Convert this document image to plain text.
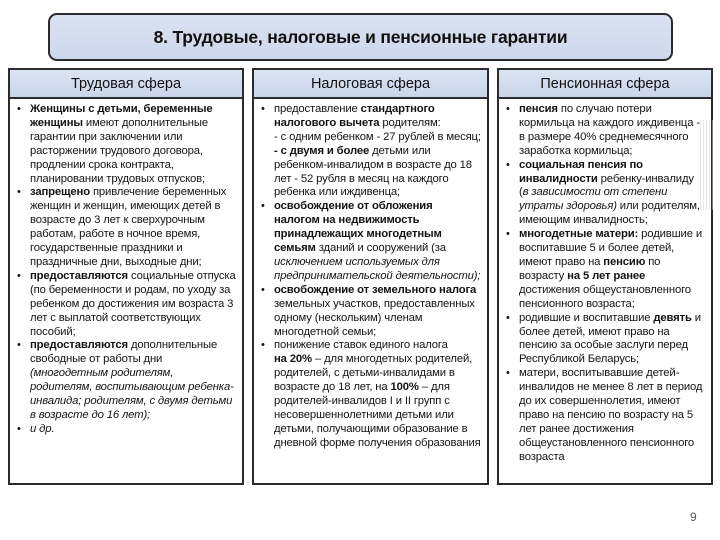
8. Трудовые, налоговые и пенсионные гарантии
Трудовая сфера
• Женщины с детьми, беременные женщины имеют дополнительные гарантии при заключении или расторжении трудового договора, продлении срока контракта, планировании трудовых отпусков;
• запрещено привлечение беременных женщин и женщин, имеющих детей в возрасте до 3 лет к сверхурочным работам, работе в ночное время, государственные праздники и праздничные дни, выходные дни;
• предоставляются социальные отпуска (по беременности и родам, по уходу за ребенком до достижения им возраста 3 лет с выплатой соответствующих пособий;
• предоставляются дополнительные свободные от работы дни (многодетным родителям, родителям, воспитывающим ребенка-инвалида; родителям, с двумя детьми в возрасте до 16 лет);
• и др.
Налоговая сфера
• предоставление стандартного налогового вычета родителям:
- с одним ребенком - 27 рублей в месяц;
- с двумя и более детьми или ребенком-инвалидом в возрасте до 18 лет - 52 рубля в месяц на каждого ребенка или иждивенца;
• освобождение от обложения налогом на недвижимость принадлежащих многодетным семьям зданий и сооружений (за исключением используемых для предпринимательской деятельности);
• освобождение от земельного налога земельных участков, предоставленных одному (нескольким) членам многодетной семьи;
• понижение ставок единого налога
на 20% – для многодетных родителей, родителей, с детьми-инвалидами в возрасте до 18 лет, на 100% – для родителей-инвалидов I и II групп с несовершеннолетними детьми или детьми, получающими образование в дневной форме получения образования
Пенсионная сфера
• пенсия по случаю потери кормильца на каждого иждивенца - в размере 40% среднемесячного заработка кормильца;
• социальная пенсия по инвалидности ребенку-инвалиду (в зависимости от степени утраты здоровья) или родителям, имеющим инвалидность;
• многодетные матери: родившие и воспитавшие 5 и более детей, имеют право на пенсию по возрасту на 5 лет ранее достижения общеустановленного пенсионного возраста;
• родившие и воспитавшие девять и более детей, имеют право на пенсию за особые заслуги перед Республикой Беларусь;
• матери, воспитывавшие детей-инвалидов не менее 8 лет в период до их совершеннолетия, имеют право на пенсию по возрасту на 5 лет ранее достижения общеустановленного пенсионного возраста
9
